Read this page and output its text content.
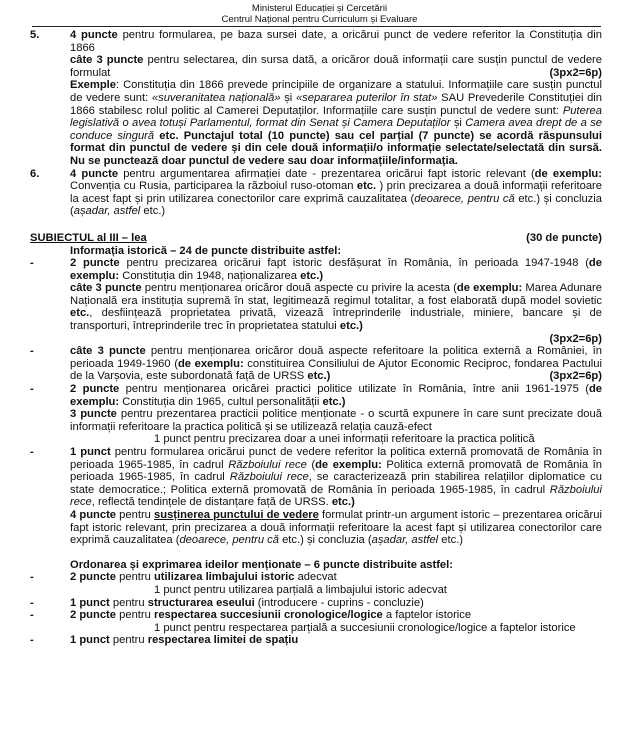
Ministerul Educației și Cercetării
Centrul Național pentru Curriculum și Evaluare
5.	4 puncte pentru formularea, pe baza sursei date, a oricărui punct de vedere referitor la Constituția din 1866
câte 3 puncte pentru selectarea, din sursa dată, a oricăror două informații care susțin punctul de vedere formulat	(3px2=6p)
Exemple: Constituția din 1866 prevede principiile de organizare a statului. Informațiile care susțin punctul de vedere sunt: «suveranitatea națională» și «separarea puterilor în stat» SAU Prevederile Constituției din 1866 stabilesc rolul politic al Camerei Deputaților. Informațiile care susțin punctul de vedere sunt: Puterea legislativă o avea totuși Parlamentul, format din Senat și Camera Deputaților și Camera avea drept de a se conduce singură etc. Punctajul total (10 puncte) sau cel parțial (7 puncte) se acordă răspunsului format din punctul de vedere și din cele două informații/o informație selectate/selectată din sursă. Nu se punctează doar punctul de vedere sau doar informațiile/informația.
6.	4 puncte pentru argumentarea afirmației date - prezentarea oricărui fapt istoric relevant (de exemplu: Convenția cu Rusia, participarea la războiul ruso-otoman etc. ) prin precizarea a două informații referitoare la acest fapt și prin utilizarea conectorilor care exprimă cauzalitatea (deoarece, pentru că etc.) și concluzia (așadar, astfel etc.)
SUBIECTUL al III – lea	(30 de puncte)
Informația istorică – 24 de puncte distribuite astfel:
-	2 puncte pentru precizarea oricărui fapt istoric desfășurat în România, în perioada 1947-1948 (de exemplu: Constituția din 1948, naționalizarea etc.)
câte 3 puncte pentru menționarea oricăror două aspecte cu privire la acesta (de exemplu: Marea Adunare Națională era instituția supremă în stat, legitimează regimul totalitar, a fost elaborată după model sovietic etc., desființează proprietatea privată, vizează întreprinderile industriale, miniere, bancare și de transporturi, întreprinderile trec în proprietatea statului etc.)
(3px2=6p)
-	câte 3 puncte pentru menționarea oricăror două aspecte referitoare la politica externă a României, în perioada 1949-1960 (de exemplu: constituirea Consiliului de Ajutor Economic Reciproc, fondarea Pactului de la Varșovia, este subordonată față de URSS etc.)	(3px2=6p)
-	2 puncte pentru menționarea oricărei practici politice utilizate în România, între anii 1961-1975 (de exemplu: Constituția din 1965, cultul personalității etc.)
3 puncte pentru prezentarea practicii politice menționate - o scurtă expunere în care sunt precizate două informații referitoare la practica politică și se utilizează relația cauză-efect
1 punct pentru precizarea doar a unei informații referitoare la practica politică
-	1 punct pentru formularea oricărui punct de vedere referitor la politica externă promovată de România în perioada 1965-1985, în cadrul Războiului rece (de exemplu: Politica externă promovată de România în perioada 1965-1985, în cadrul Războiului rece, se caracterizează prin stabilirea relațiilor diplomatice cu state democratice.; Politica externă promovată de România în perioada 1965-1985, în cadrul Războiului rece, reflectă tendințele de distanțare față de URSS. etc.)
4 puncte pentru susținerea punctului de vedere formulat printr-un argument istoric – prezentarea oricărui fapt istoric relevant, prin precizarea a două informații referitoare la acest fapt și utilizarea conectorilor care exprimă cauzalitatea (deoarece, pentru că etc.) și concluzia (așadar, astfel etc.)
Ordonarea și exprimarea ideilor menționate – 6 puncte distribuite astfel:
-	2 puncte pentru utilizarea limbajului istoric adecvat
1 punct pentru utilizarea parțială a limbajului istoric adecvat
-	1 punct pentru structurarea eseului (introducere - cuprins - concluzie)
-	2 puncte pentru respectarea succesiunii cronologice/logice a faptelor istorice
1 punct pentru respectarea parțială a succesiunii cronologice/logice a faptelor istorice
-	1 punct pentru respectarea limitei de spațiu
